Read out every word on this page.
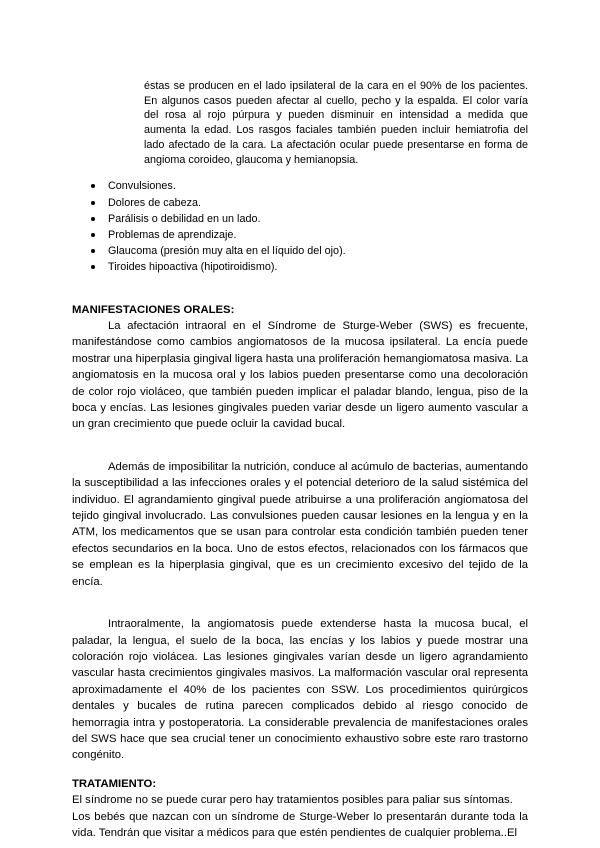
éstas se producen en el lado ipsilateral de la cara en el 90% de los pacientes. En algunos casos pueden afectar al cuello, pecho y la espalda. El color varía del rosa al rojo púrpura y pueden disminuir en intensidad a medida que aumenta la edad. Los rasgos faciales también pueden incluir hemiatrofia del lado afectado de la cara. La afectación ocular puede presentarse en forma de angioma coroideo, glaucoma y hemianopsia.

Convulsiones.
Dolores de cabeza.
Parálisis o debilidad en un lado.
Problemas de aprendizaje.
Glaucoma (presión muy alta en el líquido del ojo).
Tiroides hipoactiva (hipotiroidismo).

MANIFESTACIONES ORALES:

La afectación intraoral en el Síndrome de Sturge-Weber (SWS) es frecuente, manifestándose como cambios angiomatosos de la mucosa ipsilateral. La encía puede mostrar una hiperplasia gingival ligera hasta una proliferación hemangiomatosa masiva. La angiomatosis en la mucosa oral y los labios pueden presentarse como una decoloración de color rojo violáceo, que también pueden implicar el paladar blando, lengua, piso de la boca y encías. Las lesiones gingivales pueden variar desde un ligero aumento vascular a un gran crecimiento que puede ocluir la cavidad bucal.

Además de imposibilitar la nutrición, conduce al acúmulo de bacterias, aumentando la susceptibilidad a las infecciones orales y el potencial deterioro de la salud sistémica del individuo. El agrandamiento gingival puede atribuirse a una proliferación angiomatosa del tejido gingival involucrado. Las convulsiones pueden causar lesiones en la lengua y en la ATM, los medicamentos que se usan para controlar esta condición también pueden tener efectos secundarios en la boca. Uno de estos efectos, relacionados con los fármacos que se emplean es la hiperplasia gingival, que es un crecimiento excesivo del tejido de la encía.

Intraoralmente, la angiomatosis puede extenderse hasta la mucosa bucal, el paladar, la lengua, el suelo de la boca, las encías y los labios y puede mostrar una coloración rojo violácea. Las lesiones gingivales varían desde un ligero agrandamiento vascular hasta crecimientos gingivales masivos. La malformación vascular oral representa aproximadamente el 40% de los pacientes con SSW. Los procedimientos quirúrgicos dentales y bucales de rutina parecen complicados debido al riesgo conocido de hemorragia intra y postoperatoria. La considerable prevalencia de manifestaciones orales del SWS hace que sea crucial tener un conocimiento exhaustivo sobre este raro trastorno congénito.

TRATAMIENTO:

El síndrome no se puede curar pero hay tratamientos posibles para paliar sus síntomas.

Los bebés que nazcan con un síndrome de Sturge-Weber lo presentarán durante toda la vida. Tendrán que visitar a médicos para que estén pendientes de cualquier problema..El
